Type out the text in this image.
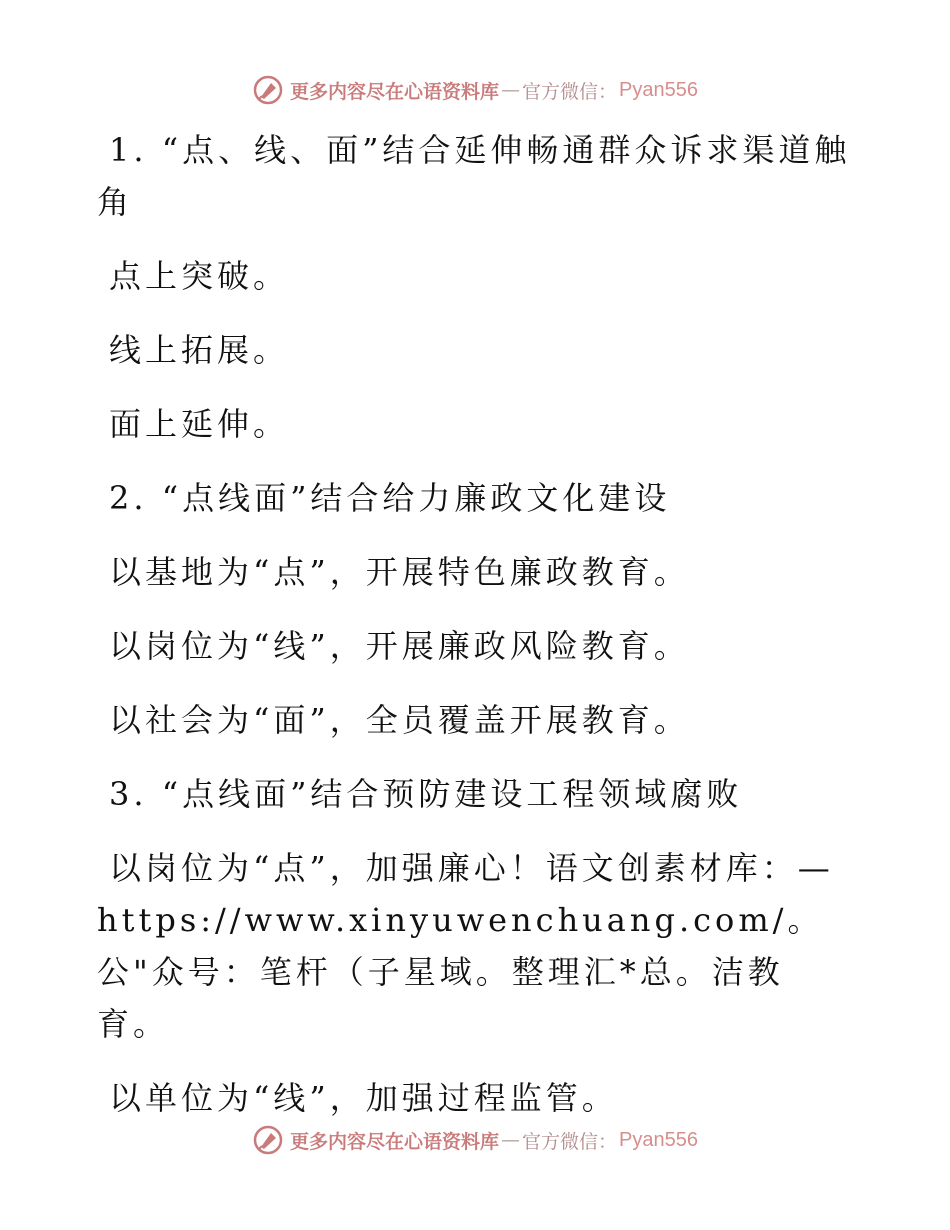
更多内容尽在心语资料库 — 官方微信： Pyan556

1. “点、线、面”结合延伸畅通群众诉求渠道触角

点上突破。

线上拓展。

面上延伸。

2. “点线面”结合给力廉政文化建设

以基地为“点”，开展特色廉政教育。

以岗位为“线”，开展廉政风险教育。

以社会为“面”，全员覆盖开展教育。

3. “点线面”结合预防建设工程领域腐败

以岗位为“点”，加强廉心！语文创素材库：—https://www.xinyuwenchuang.com/。公"众号：笔杆（子星域。整理汇*总。洁教育。

以单位为“线”，加强过程监管。

更多内容尽在心语资料库 — 官方微信： Pyan556
